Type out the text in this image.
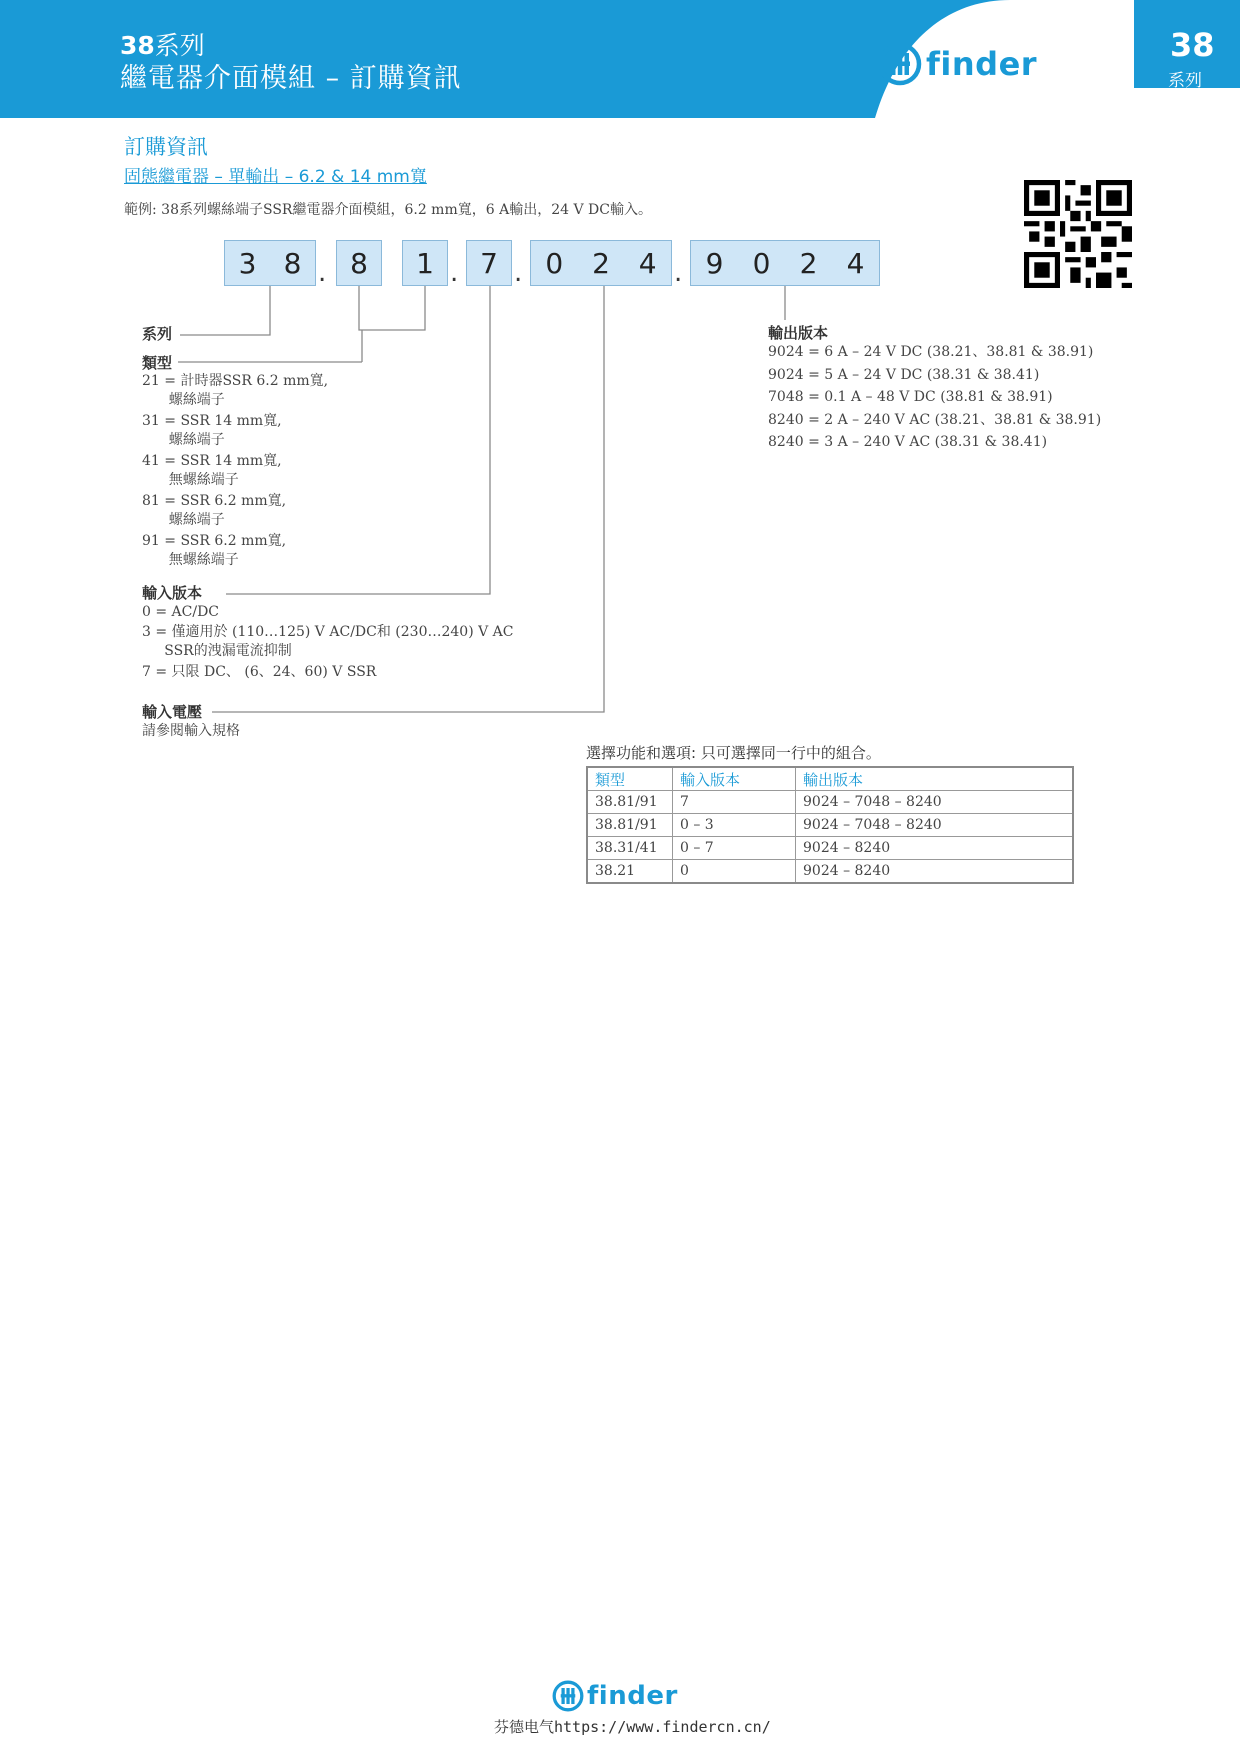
38系列
繼電器介面模組 – 訂購資訊	finder	38
系列
訂購資訊
固態繼電器 – 單輸出 – 6.2 & 14 mm寬
範例: 38系列螺絲端子SSR繼電器介面模組，6.2 mm寬，6 A輸出，24 V DC輸入。
3 8 . 8 1 . 7 . 0 2 4 . 9 0 2 4
系列
類型
21 = 計時器SSR 6.2 mm寬,
螺絲端子
31 = SSR 14 mm寬,
螺絲端子
41 = SSR 14 mm寬,
無螺絲端子
81 = SSR 6.2 mm寬,
螺絲端子
91 = SSR 6.2 mm寬,
無螺絲端子
輸入版本
0 = AC/DC
3 = 僅適用於 (110…125) V AC/DC和 (230…240) V AC
SSR的洩漏電流抑制
7 = 只限 DC、 (6、24、60) V SSR
輸入電壓
請參閱輸入規格
輸出版本
9024 = 6 A – 24 V DC (38.21、38.81 & 38.91)
9024 = 5 A – 24 V DC (38.31 & 38.41)
7048 = 0.1 A – 48 V DC (38.81 & 38.91)
8240 = 2 A – 240 V AC (38.21、38.81 & 38.91)
8240 = 3 A – 240 V AC (38.31 & 38.41)
選擇功能和選項: 只可選擇同一行中的組合。
類型	輸入版本	輸出版本
38.81/91	7	9024 – 7048 – 8240
38.81/91	0 – 3	9024 – 7048 – 8240
38.31/41	0 – 7	9024 – 8240
38.21	0	9024 – 8240
finder
芬德电气https://www.findercn.cn/
